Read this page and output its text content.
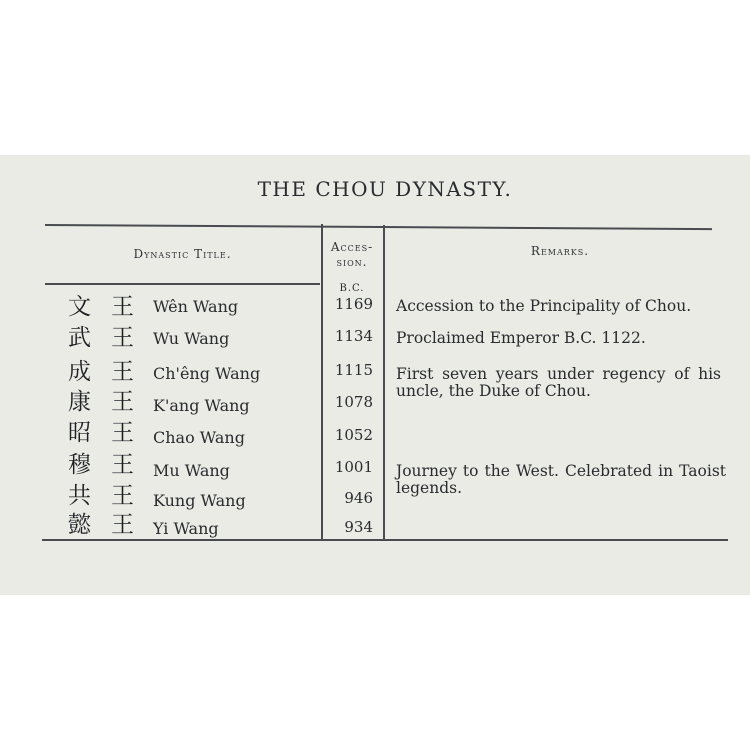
THE CHOU DYNASTY.
Dynastic Title.	Acces-
sion.
Remarks.
B.C.
文王
武王
成王
康王
昭王
穆王
共王
懿王
Wên Wang
Wu Wang
Ch'êng Wang
K'ang Wang
Chao Wang
Mu Wang
Kung Wang
Yi Wang
1169
1134
1115
1078
1052
1001
946
934
Accession to the Principality of Chou.
Proclaimed Emperor B.C. 1122.
First seven years under regency of his uncle, the Duke of Chou.
Journey to the West. Celebrated in Taoist legends.
